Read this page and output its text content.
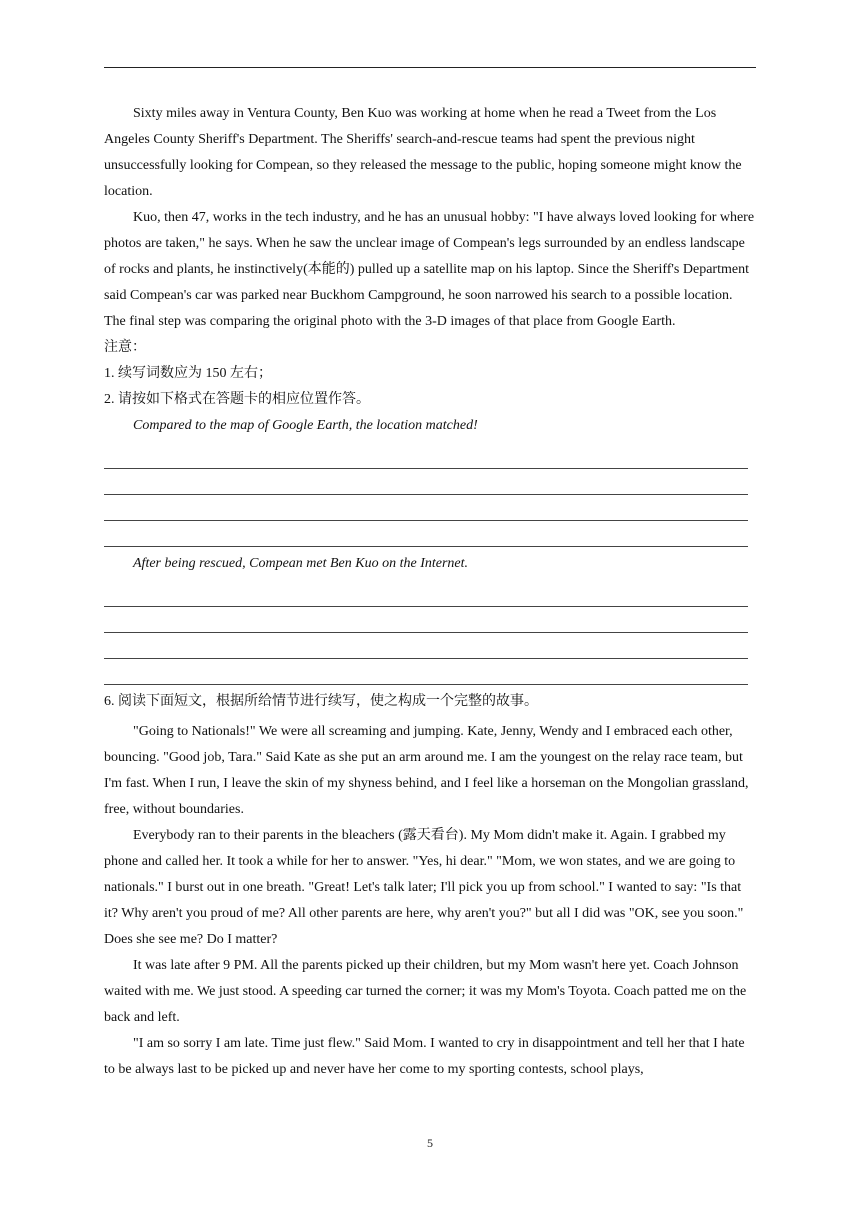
Sixty miles away in Ventura County, Ben Kuo was working at home when he read a Tweet from the Los Angeles County Sheriff's Department. The Sheriffs' search-and-rescue teams had spent the previous night unsuccessfully looking for Compean, so they released the message to the public, hoping someone might know the location.

Kuo, then 47, works in the tech industry, and he has an unusual hobby: "I have always loved looking for where photos are taken," he says. When he saw the unclear image of Compean's legs surrounded by an endless landscape of rocks and plants, he instinctively(本能的) pulled up a satellite map on his laptop. Since the Sheriff's Department said Compean's car was parked near Buckhom Campground, he soon narrowed his search to a possible location. The final step was comparing the original photo with the 3-D images of that place from Google Earth.

注意：

1. 续写词数应为 150 左右；

2. 请按如下格式在答题卡的相应位置作答。

Compared to the map of Google Earth, the location matched!

After being rescued, Compean met Ben Kuo on the Internet.

6. 阅读下面短文，根据所给情节进行续写，使之构成一个完整的故事。

"Going to Nationals!" We were all screaming and jumping. Kate, Jenny, Wendy and I embraced each other, bouncing. "Good job, Tara." Said Kate as she put an arm around me. I am the youngest on the relay race team, but I'm fast. When I run, I leave the skin of my shyness behind, and I feel like a horseman on the Mongolian grassland, free, without boundaries.

Everybody ran to their parents in the bleachers (露天看台). My Mom didn't make it. Again. I grabbed my phone and called her. It took a while for her to answer. "Yes, hi dear." "Mom, we won states, and we are going to nationals." I burst out in one breath. "Great! Let's talk later; I'll pick you up from school." I wanted to say: "Is that it? Why aren't you proud of me? All other parents are here, why aren't you?" but all I did was "OK, see you soon." Does she see me? Do I matter?

It was late after 9 PM. All the parents picked up their children, but my Mom wasn't here yet. Coach Johnson waited with me. We just stood. A speeding car turned the corner; it was my Mom's Toyota. Coach patted me on the back and left.

"I am so sorry I am late. Time just flew." Said Mom. I wanted to cry in disappointment and tell her that I hate to be always last to be picked up and never have her come to my sporting contests, school plays,

5
